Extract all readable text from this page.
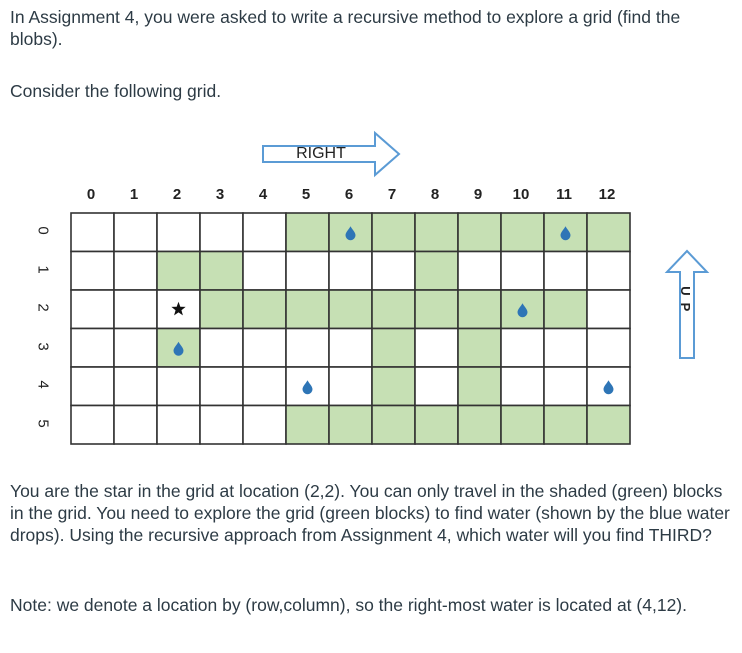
In Assignment 4, you were asked to write a recursive method to explore a grid (find the blobs).

Consider the following grid.

RIGHT
0	1	2	3	4	5	6	7	8	9	10	11	12
0
1
2
3
4
5
U
P

You are the star in the grid at location (2,2). You can only travel in the shaded (green) blocks in the grid. You need to explore the grid (green blocks) to find water (shown by the blue water drops). Using the recursive approach from Assignment 4, which water will you find THIRD?

Note: we denote a location by (row,column), so the right-most water is located at (4,12).
